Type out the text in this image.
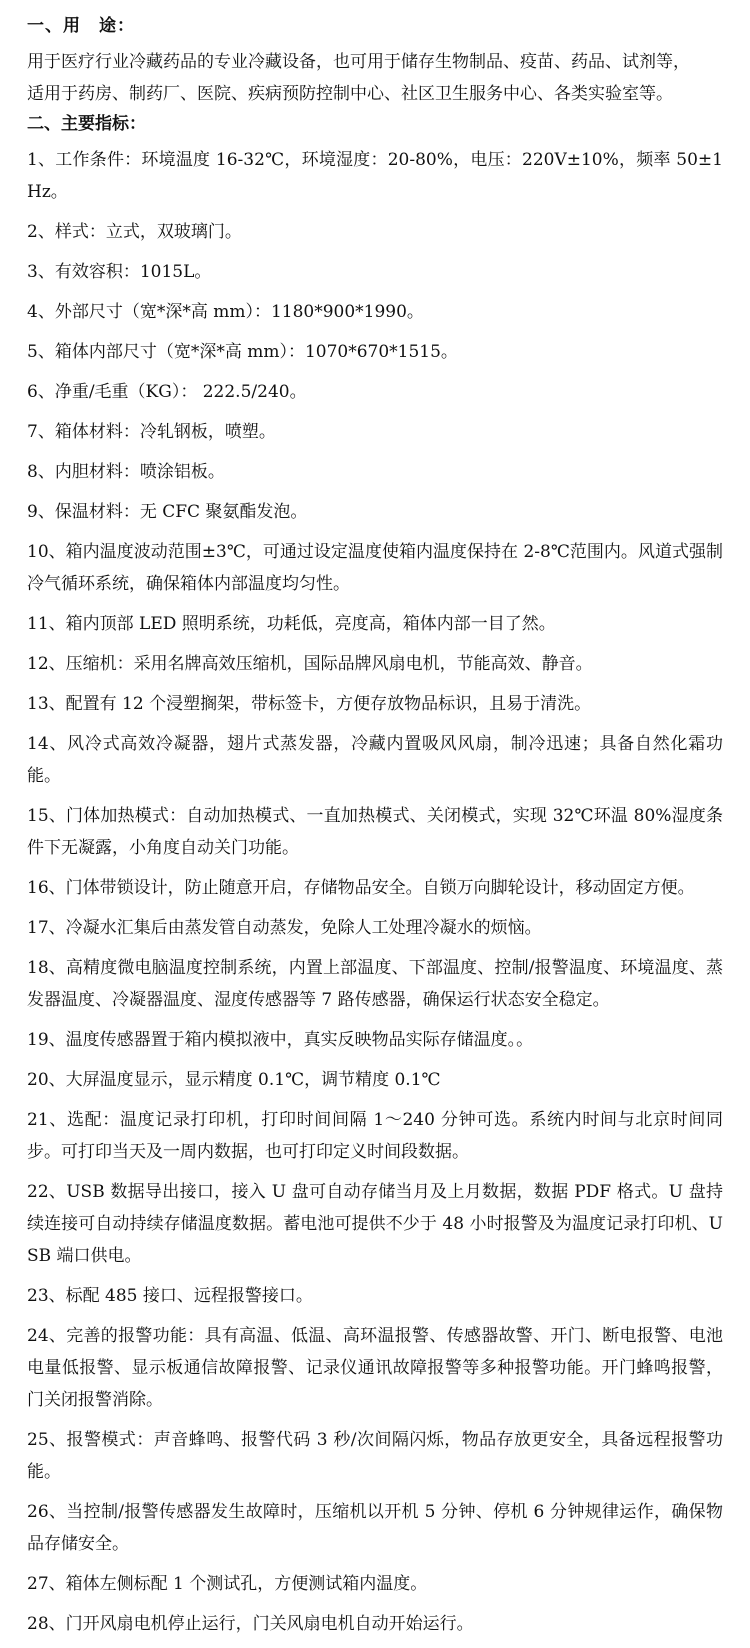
一、用　途：
用于医疗行业冷藏药品的专业冷藏设备，也可用于储存生物制品、疫苗、药品、试剂等，
适用于药房、制药厂、医院、疾病预防控制中心、社区卫生服务中心、各类实验室等。
二、主要指标：
1、工作条件：环境温度 16-32℃，环境湿度：20-80%，电压：220V±10%，频率 50±1Hz。
2、样式：立式，双玻璃门。
3、有效容积：1015L。
4、外部尺寸（宽*深*高 mm）：1180*900*1990。
5、箱体内部尺寸（宽*深*高 mm）：1070*670*1515。
6、净重/毛重（KG）： 222.5/240。
7、箱体材料：冷轧钢板，喷塑。
8、内胆材料：喷涂铝板。
9、保温材料：无 CFC 聚氨酯发泡。
10、箱内温度波动范围±3℃，可通过设定温度使箱内温度保持在 2-8℃范围内。风道式强制冷气循环系统，确保箱体内部温度均匀性。
11、箱内顶部 LED 照明系统，功耗低，亮度高，箱体内部一目了然。
12、压缩机：采用名牌高效压缩机，国际品牌风扇电机，节能高效、静音。
13、配置有 12 个浸塑搁架，带标签卡，方便存放物品标识，且易于清洗。
14、风冷式高效冷凝器，翅片式蒸发器，冷藏内置吸风风扇，制冷迅速；具备自然化霜功能。
15、门体加热模式：自动加热模式、一直加热模式、关闭模式，实现 32℃环温 80%湿度条件下无凝露，小角度自动关门功能。
16、门体带锁设计，防止随意开启，存储物品安全。自锁万向脚轮设计，移动固定方便。
17、冷凝水汇集后由蒸发管自动蒸发，免除人工处理冷凝水的烦恼。
18、高精度微电脑温度控制系统，内置上部温度、下部温度、控制/报警温度、环境温度、蒸发器温度、冷凝器温度、湿度传感器等 7 路传感器，确保运行状态安全稳定。
19、温度传感器置于箱内模拟液中，真实反映物品实际存储温度。。
20、大屏温度显示，显示精度 0.1℃，调节精度 0.1℃
21、选配：温度记录打印机，打印时间间隔 1～240 分钟可选。系统内时间与北京时间同步。可打印当天及一周内数据，也可打印定义时间段数据。
22、USB 数据导出接口，接入 U 盘可自动存储当月及上月数据，数据 PDF 格式。U 盘持续连接可自动持续存储温度数据。蓄电池可提供不少于 48 小时报警及为温度记录打印机、USB 端口供电。
23、标配 485 接口、远程报警接口。
24、完善的报警功能：具有高温、低温、高环温报警、传感器故警、开门、断电报警、电池电量低报警、显示板通信故障报警、记录仪通讯故障报警等多种报警功能。开门蜂鸣报警，门关闭报警消除。
25、报警模式：声音蜂鸣、报警代码 3 秒/次间隔闪烁，物品存放更安全，具备远程报警功能。
26、当控制/报警传感器发生故障时，压缩机以开机 5 分钟、停机 6 分钟规律运作，确保物品存储安全。
27、箱体左侧标配 1 个测试孔，方便测试箱内温度。
28、门开风扇电机停止运行，门关风扇电机自动开始运行。
